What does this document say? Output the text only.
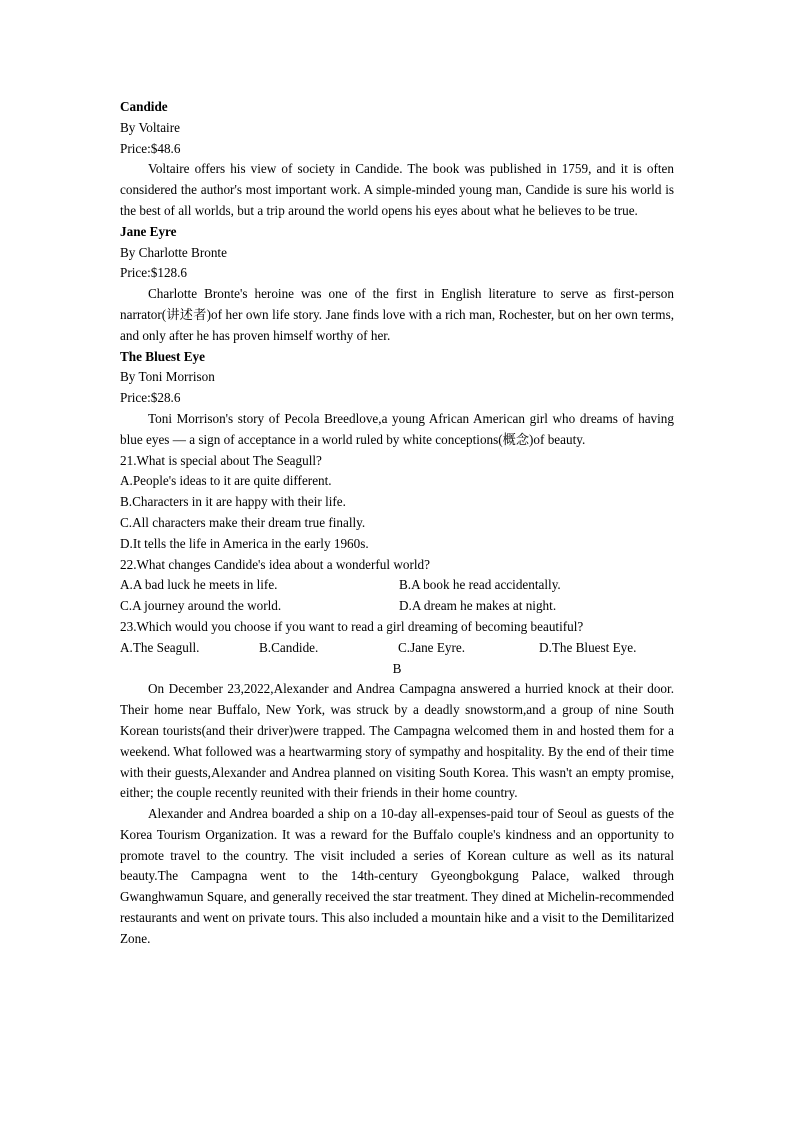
Candide

By Voltaire

Price:$48.6

Voltaire offers his view of society in Candide. The book was published in 1759, and it is often considered the author's most important work. A simple-minded young man, Candide is sure his world is the best of all worlds, but a trip around the world opens his eyes about what he believes to be true.

Jane Eyre

By Charlotte Bronte

Price:$128.6

Charlotte Bronte's heroine was one of the first in English literature to serve as first-person narrator(讲述者)of her own life story. Jane finds love with a rich man, Rochester, but on her own terms, and only after he has proven himself worthy of her.

The Bluest Eye

By Toni Morrison

Price:$28.6

Toni Morrison's story of Pecola Breedlove,a young African American girl who dreams of having blue eyes — a sign of acceptance in a world ruled by white conceptions(概念)of beauty.

21.What is special about The Seagull?

A.People's ideas to it are quite different.

B.Characters in it are happy with their life.

C.All characters make their dream true finally.

D.It tells the life in America in the early 1960s.

22.What changes Candide's idea about a wonderful world?

A.A bad luck he meets in life.	B.A book he read accidentally.
C.A journey around the world.	D.A dream he makes at night.

23.Which would you choose if you want to read a girl dreaming of becoming beautiful?

A.The Seagull.	B.Candide.	C.Jane Eyre.	D.The Bluest Eye.

B

On December 23,2022,Alexander and Andrea Campagna answered a hurried knock at their door. Their home near Buffalo, New York, was struck by a deadly snowstorm,and a group of nine South Korean tourists(and their driver)were trapped. The Campagna welcomed them in and hosted them for a weekend. What followed was a heartwarming story of sympathy and hospitality. By the end of their time with their guests,Alexander and Andrea planned on visiting South Korea. This wasn't an empty promise, either; the couple recently reunited with their friends in their home country.

Alexander and Andrea boarded a ship on a 10-day all-expenses-paid tour of Seoul as guests of the Korea Tourism Organization. It was a reward for the Buffalo couple's kindness and an opportunity to promote travel to the country. The visit included a series of Korean culture as well as its natural beauty.The Campagna went to the 14th-century Gyeongbokgung Palace, walked through Gwanghwamun Square, and generally received the star treatment. They dined at Michelin-recommended restaurants and went on private tours. This also included a mountain hike and a visit to the Demilitarized Zone.
